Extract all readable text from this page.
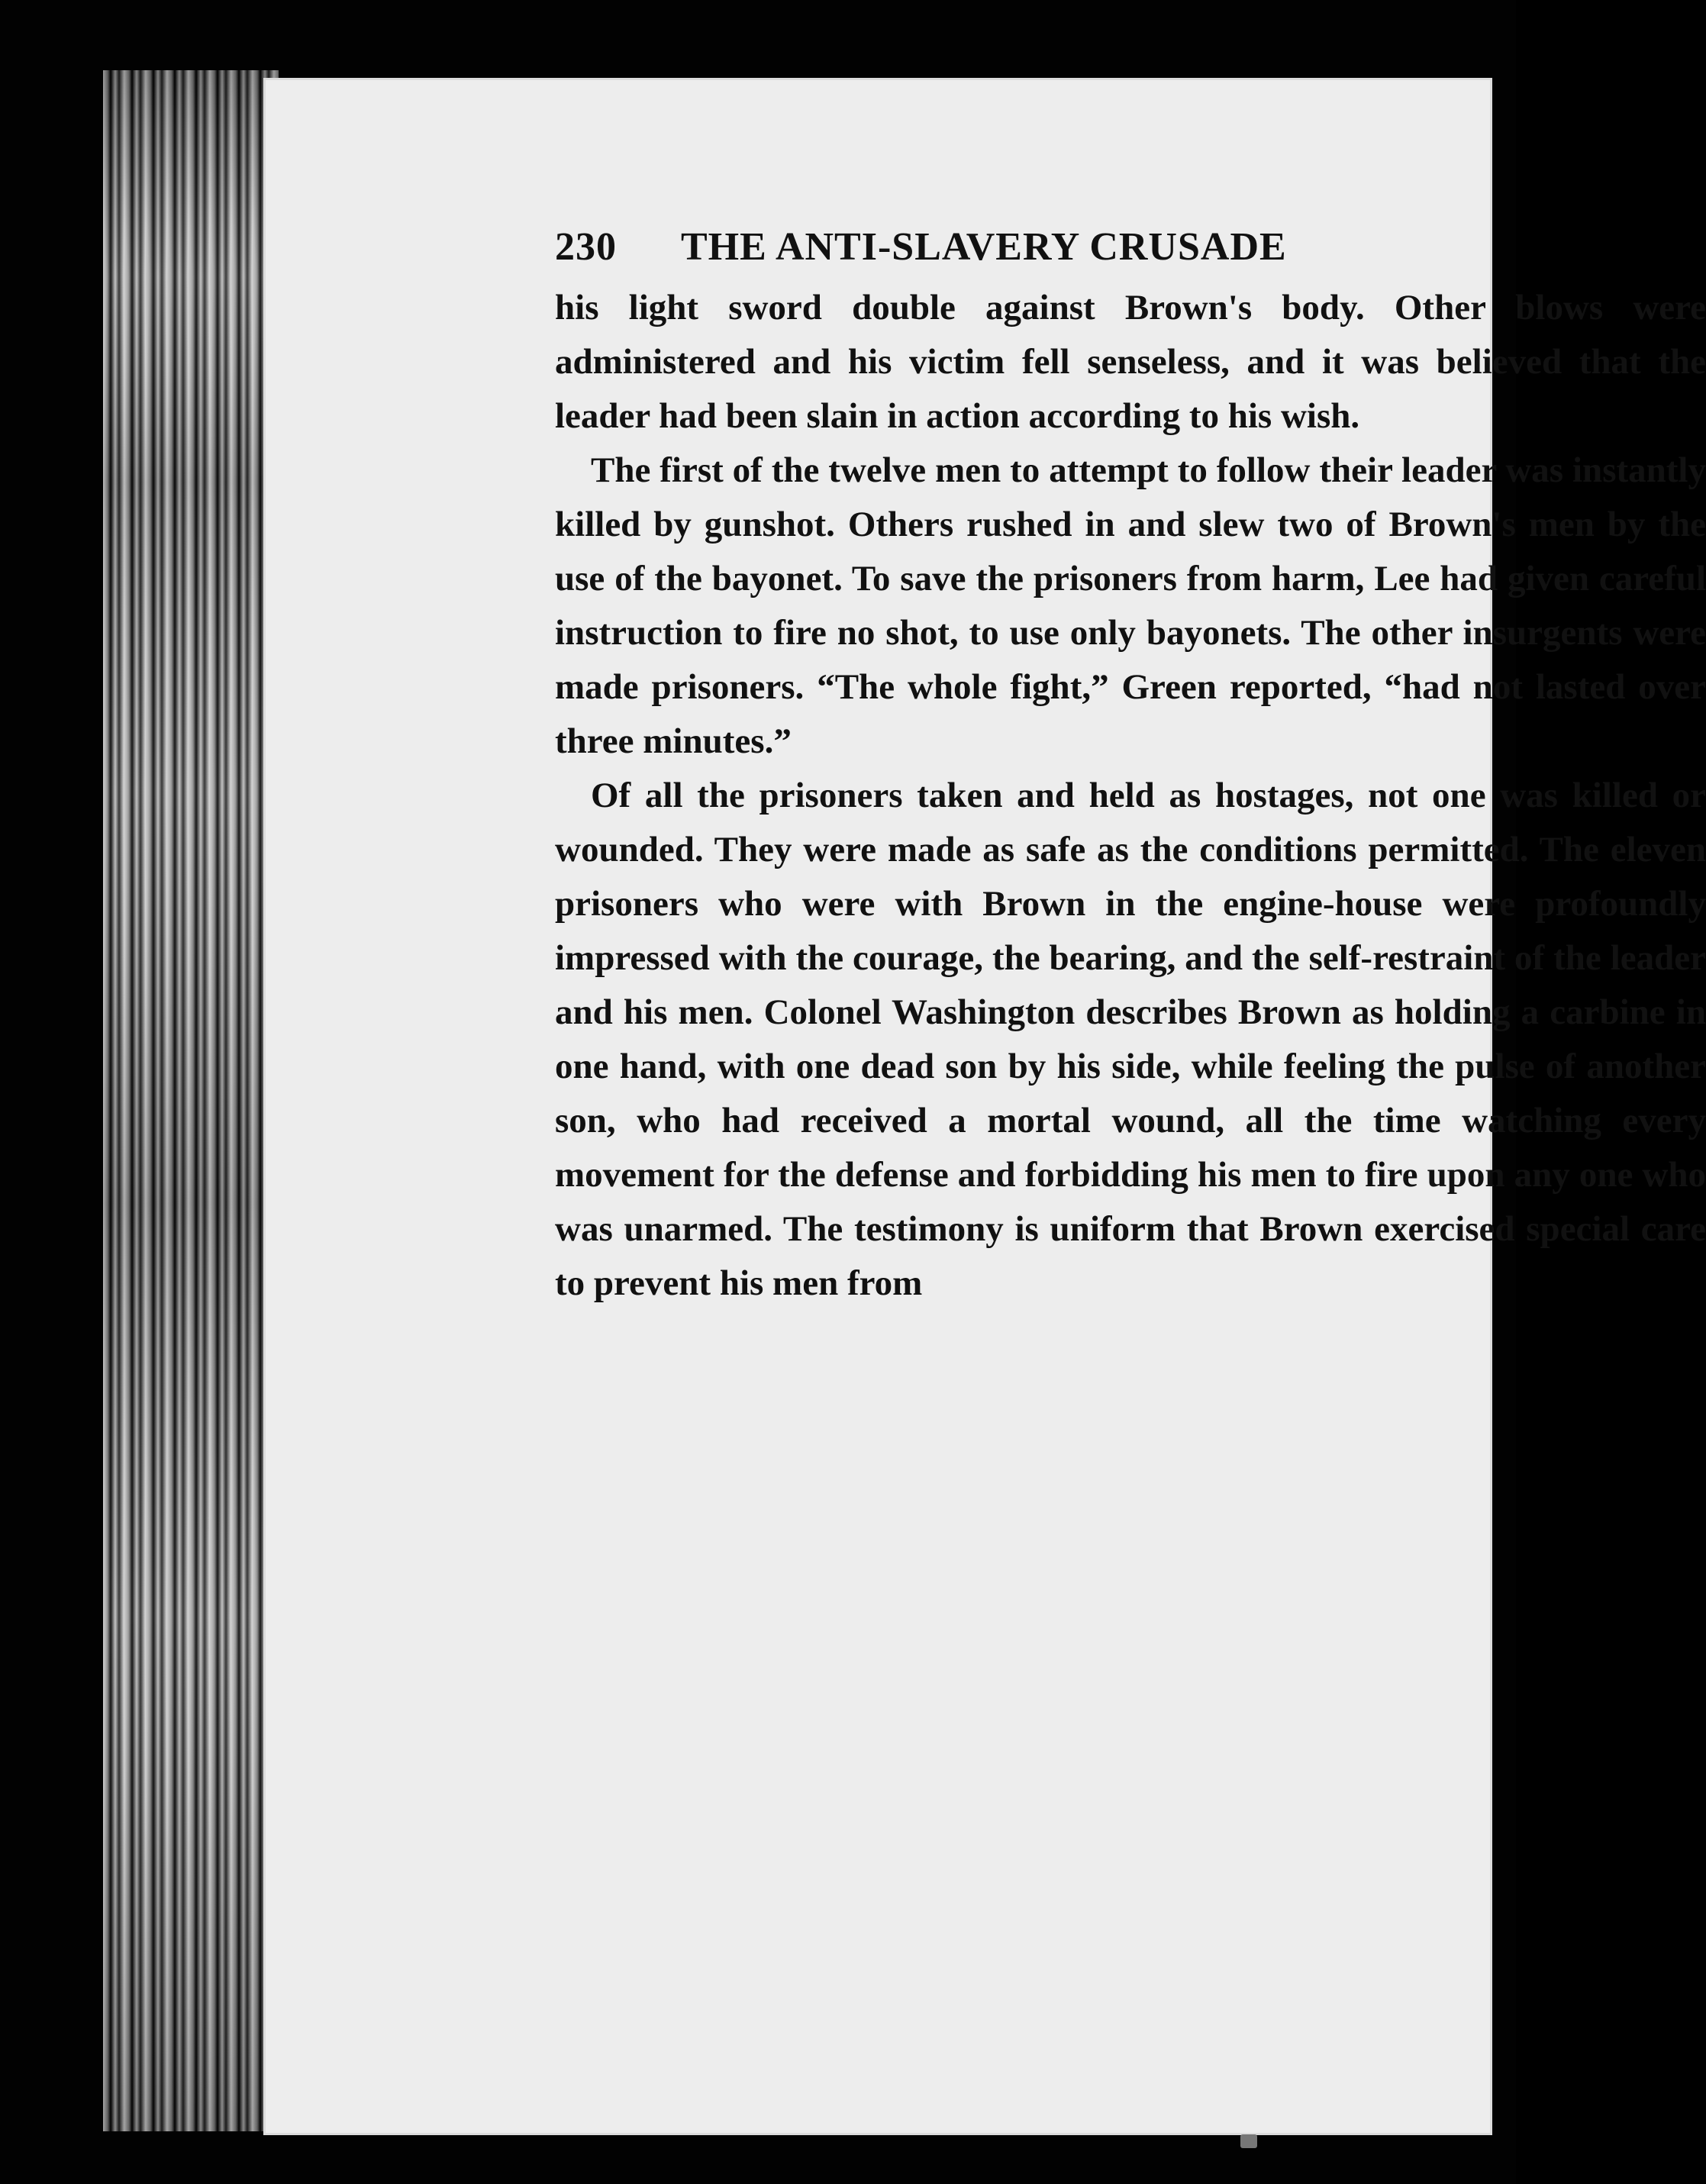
230 THE ANTI-SLAVERY CRUSADE

his light sword double against Brown's body. Other blows were administered and his victim fell senseless, and it was believed that the leader had been slain in action according to his wish.

The first of the twelve men to attempt to follow their leader was instantly killed by gunshot. Others rushed in and slew two of Brown's men by the use of the bayonet. To save the prisoners from harm, Lee had given careful instruction to fire no shot, to use only bayonets. The other insurgents were made prisoners. “The whole fight,” Green reported, “had not lasted over three minutes.”

Of all the prisoners taken and held as hostages, not one was killed or wounded. They were made as safe as the conditions permitted. The eleven prisoners who were with Brown in the engine-house were profoundly impressed with the courage, the bearing, and the self-restraint of the leader and his men. Colonel Washington describes Brown as holding a carbine in one hand, with one dead son by his side, while feeling the pulse of another son, who had received a mortal wound, all the time watching every movement for the defense and forbidding his men to fire upon any one who was unarmed. The testimony is uniform that Brown exercised special care to prevent his men from
